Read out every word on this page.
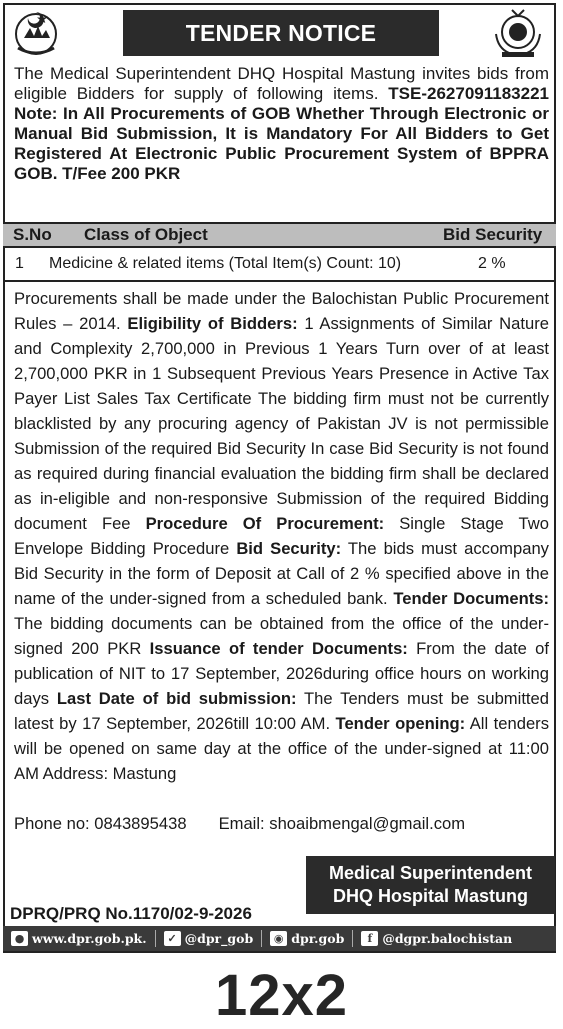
TENDER NOTICE
The Medical Superintendent DHQ Hospital Mastung invites bids from eligible Bidders for supply of following items. TSE-2627091183221 Note: In All Procurements of GOB Whether Through Electronic or Manual Bid Submission, It is Mandatory For All Bidders to Get Registered At Electronic Public Procurement System of BPPRA GOB. T/Fee 200 PKR
S.No Class of Object	Bid Security
1 Medicine & related items (Total Item(s) Count: 10)	2 %
Procurements shall be made under the Balochistan Public Procurement Rules – 2014. Eligibility of Bidders: 1 Assignments of Similar Nature and Complexity 2,700,000 in Previous 1 Years Turn over of at least 2,700,000 PKR in 1 Subsequent Previous Years Presence in Active Tax Payer List Sales Tax Certificate The bidding firm must not be currently blacklisted by any procuring agency of Pakistan JV is not permissible Submission of the required Bid Security In case Bid Security is not found as required during financial evaluation the bidding firm shall be declared as in-eligible and non-responsive Submission of the required Bidding document Fee Procedure Of Procurement: Single Stage Two Envelope Bidding Procedure Bid Security: The bids must accompany Bid Security in the form of Deposit at Call of 2 % specified above in the name of the under-signed from a scheduled bank. Tender Documents: The bidding documents can be obtained from the office of the under-signed 200 PKR Issuance of tender Documents: From the date of publication of NIT to 17 September, 2026during office hours on working days Last Date of bid submission: The Tenders must be submitted latest by 17 September, 2026till 10:00 AM. Tender opening: All tenders will be opened on same day at the office of the under-signed at 11:00 AM Address: Mastung
Phone no: 0843895438 Email: shoaibmengal@gmail.com
Medical Superintendent
DHQ Hospital Mastung
DPRQ/PRQ No.1170/02-9-2026
● www.dpr.gob.pk.	✓ @dpr_gob	◉ dpr.gob	f @dgpr.balochistan
12x2
